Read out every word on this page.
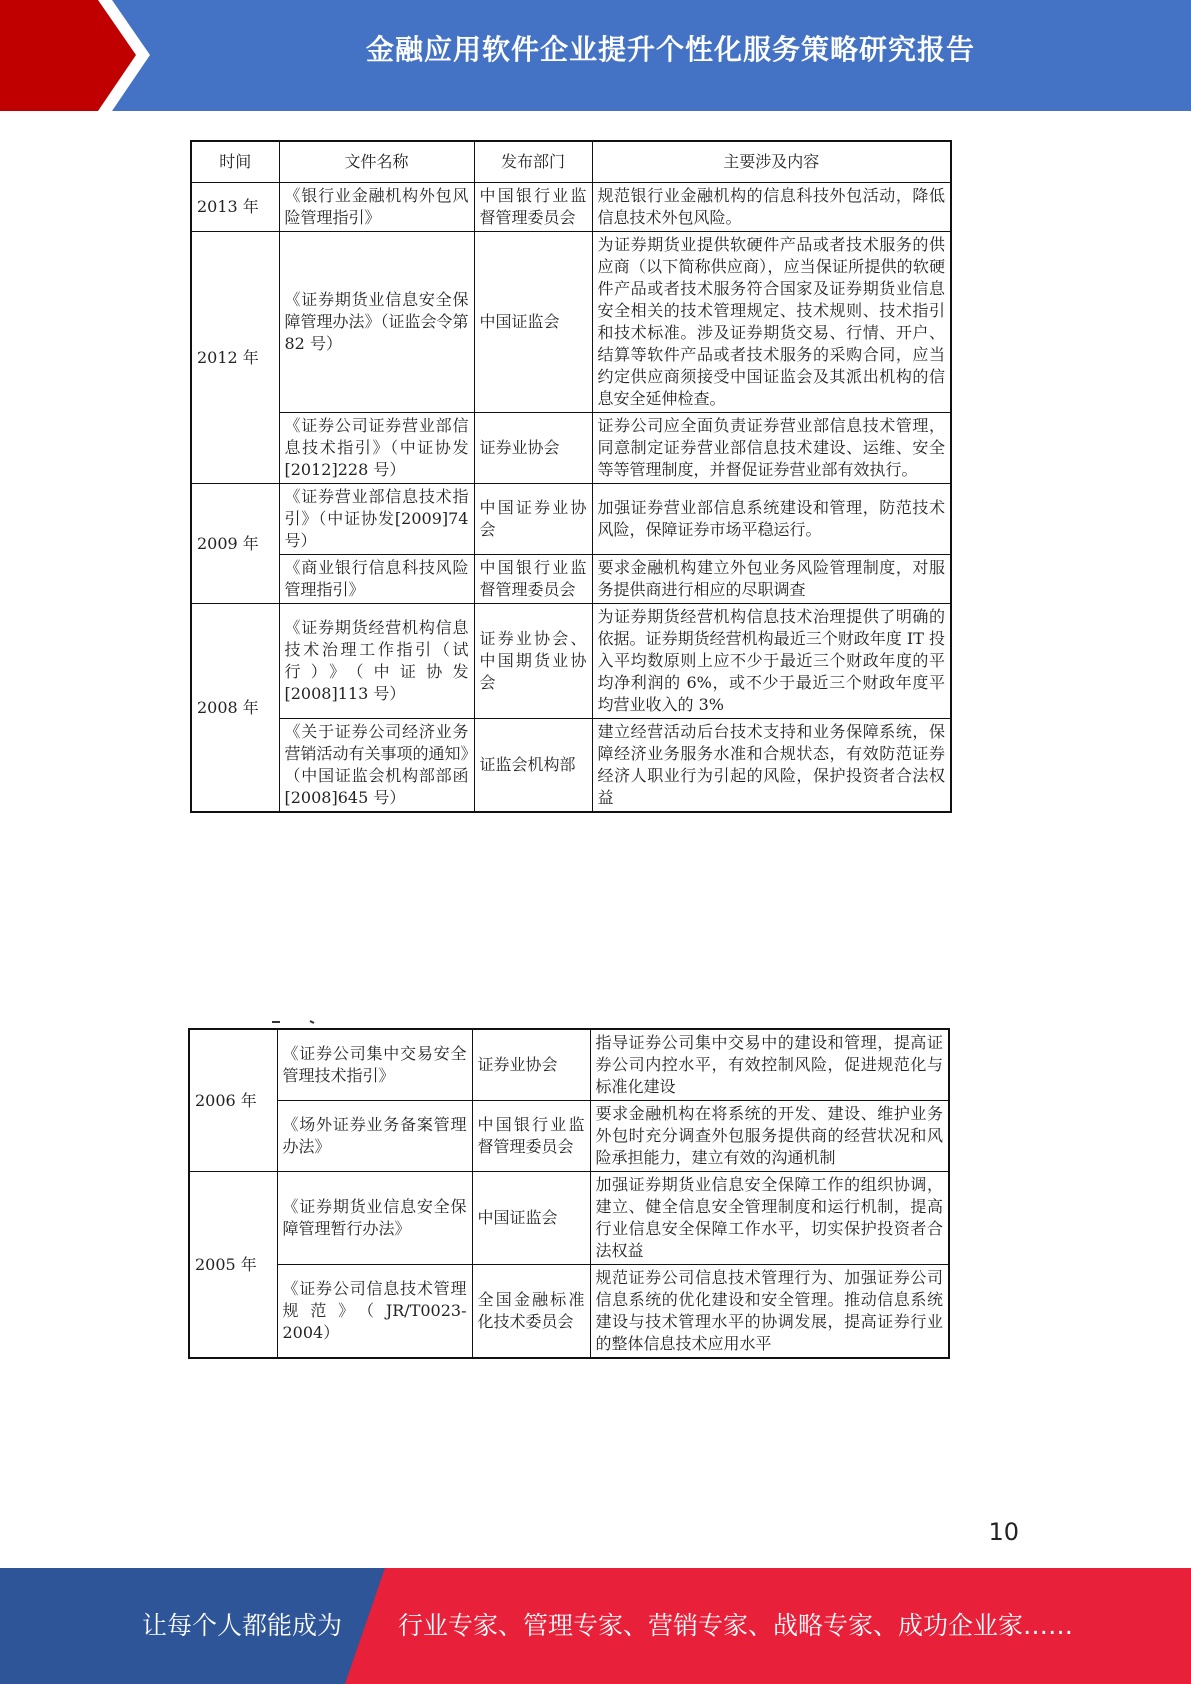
金融应用软件企业提升个性化服务策略研究报告
时间	文件名称	发布部门	主要涉及内容
2013 年	《银行业金融机构外包风险管理指引》	中国银行业监督管理委员会	规范银行业金融机构的信息科技外包活动，降低信息技术外包风险。
2012 年	《证券期货业信息安全保障管理办法》（证监会令第 82 号）	中国证监会	为证券期货业提供软硬件产品或者技术服务的供应商（以下简称供应商），应当保证所提供的软硬件产品或者技术服务符合国家及证券期货业信息安全相关的技术管理规定、技术规则、技术指引和技术标准。涉及证券期货交易、行情、开户、结算等软件产品或者技术服务的采购合同，应当约定供应商须接受中国证监会及其派出机构的信息安全延伸检查。
	《证券公司证券营业部信息技术指引》（中证协发[2012]228 号）	证券业协会	证券公司应全面负责证券营业部信息技术管理，同意制定证券营业部信息技术建设、运维、安全等等管理制度，并督促证券营业部有效执行。
2009 年	《证券营业部信息技术指引》（中证协发[2009]74 号）	中国证券业协会	加强证券营业部信息系统建设和管理，防范技术风险，保障证券市场平稳运行。
	《商业银行信息科技风险管理指引》	中国银行业监督管理委员会	要求金融机构建立外包业务风险管理制度，对服务提供商进行相应的尽职调查
2008 年	《证券期货经营机构信息技术治理工作指引（试行）》（中证协发[2008]113 号）	证券业协会、中国期货业协会	为证券期货经营机构信息技术治理提供了明确的依据。证券期货经营机构最近三个财政年度 IT 投入平均数原则上应不少于最近三个财政年度的平均净利润的 6%，或不少于最近三个财政年度平均营业收入的 3%
	《关于证券公司经济业务营销活动有关事项的通知》（中国证监会机构部部函[2008]645 号）	证监会机构部	建立经营活动后台技术支持和业务保障系统，保障经济业务服务水准和合规状态，有效防范证券经济人职业行为引起的风险，保护投资者合法权益
2006 年	《证券公司集中交易安全管理技术指引》	证券业协会	指导证券公司集中交易中的建设和管理，提高证券公司内控水平，有效控制风险，促进规范化与标准化建设
	《场外证券业务备案管理办法》	中国银行业监督管理委员会	要求金融机构在将系统的开发、建设、维护业务外包时充分调查外包服务提供商的经营状况和风险承担能力，建立有效的沟通机制
2005 年	《证券期货业信息安全保障管理暂行办法》	中国证监会	加强证券期货业信息安全保障工作的组织协调，建立、健全信息安全管理制度和运行机制，提高行业信息安全保障工作水平，切实保护投资者合法权益
	《证券公司信息技术管理规范》（JR/T0023-2004）	全国金融标准化技术委员会	规范证券公司信息技术管理行为、加强证券公司信息系统的优化建设和安全管理。推动信息系统建设与技术管理水平的协调发展，提高证券行业的整体信息技术应用水平
10
让每个人都能成为 行业专家、管理专家、营销专家、战略专家、成功企业家……
